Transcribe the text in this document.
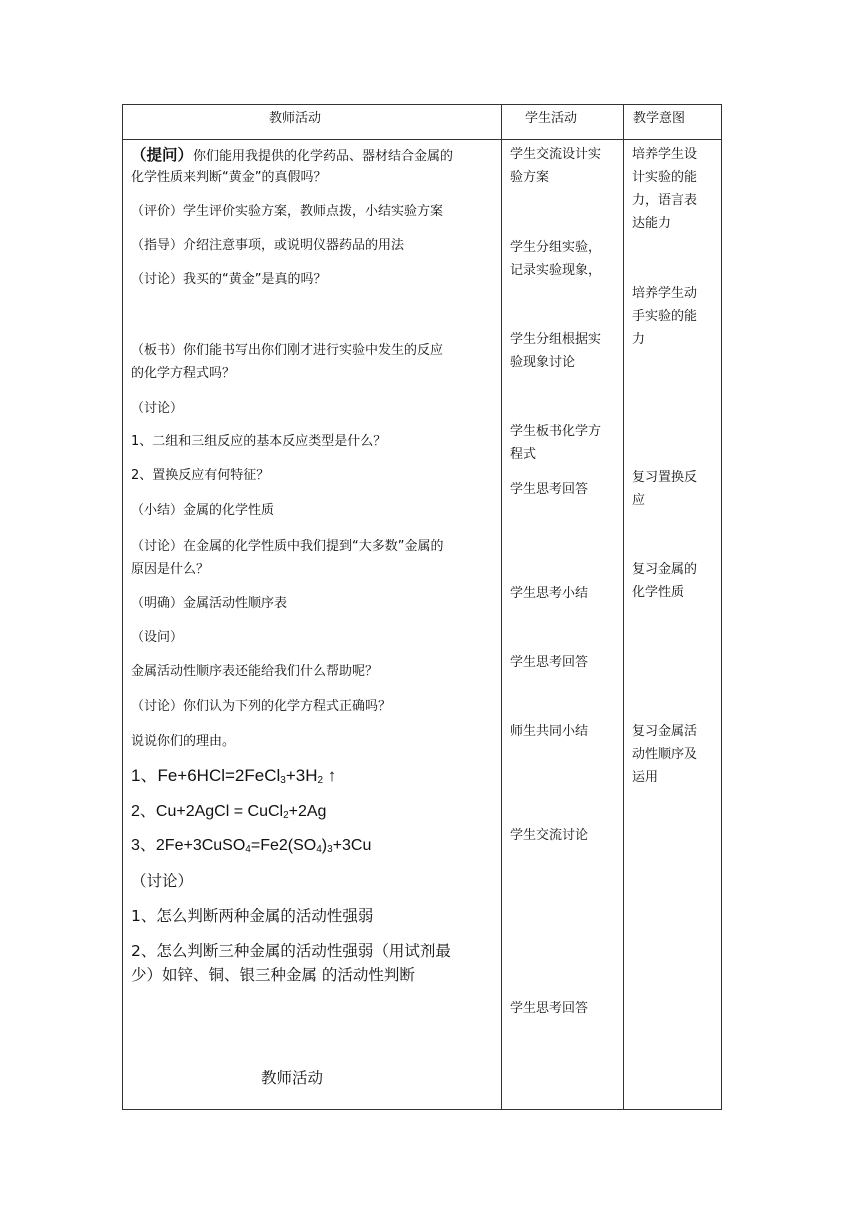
教师活动	学生活动	教学意图
（提问）你们能用我提供的化学药品、器材结合金属的
化学性质来判断“黄金”的真假吗？
（评价）学生评价实验方案，教师点拨，小结实验方案
（指导）介绍注意事项，或说明仪器药品的用法
（讨论）我买的“黄金”是真的吗？
（板书）你们能书写出你们刚才进行实验中发生的反应
的化学方程式吗？
（讨论）
1、二组和三组反应的基本反应类型是什么？
2、置换反应有何特征？
（小结）金属的化学性质
（讨论）在金属的化学性质中我们提到“大多数”金属的
原因是什么？
（明确）金属活动性顺序表
（设问）
金属活动性顺序表还能给我们什么帮助呢？
（讨论）你们认为下列的化学方程式正确吗？
说说你们的理由。
1、$Fe+6HCl=2FeCl_3+3H_2$ ↑
2、Cu+2AgCl = CuCl$_2$+2Ag
3、$2Fe+3CuSO_4=Fe2(SO_4)_3+3Cu$
（讨论）
1、怎么判断两种金属的活动性强弱
2、怎么判断三种金属的活动性强弱（用试剂最
少）如锌、铜、银三种金属 的活动性判断
教师活动
学生交流设计实
验方案
学生分组实验，
记录实验现象，
学生分组根据实
验现象讨论
学生板书化学方
程式
学生思考回答
学生思考小结
学生思考回答
师生共同小结
学生交流讨论
学生思考回答
培养学生设
计实验的能
力，语言表
达能力
培养学生动
手实验的能
力
复习置换反
应
复习金属的
化学性质
复习金属活
动性顺序及
运用
